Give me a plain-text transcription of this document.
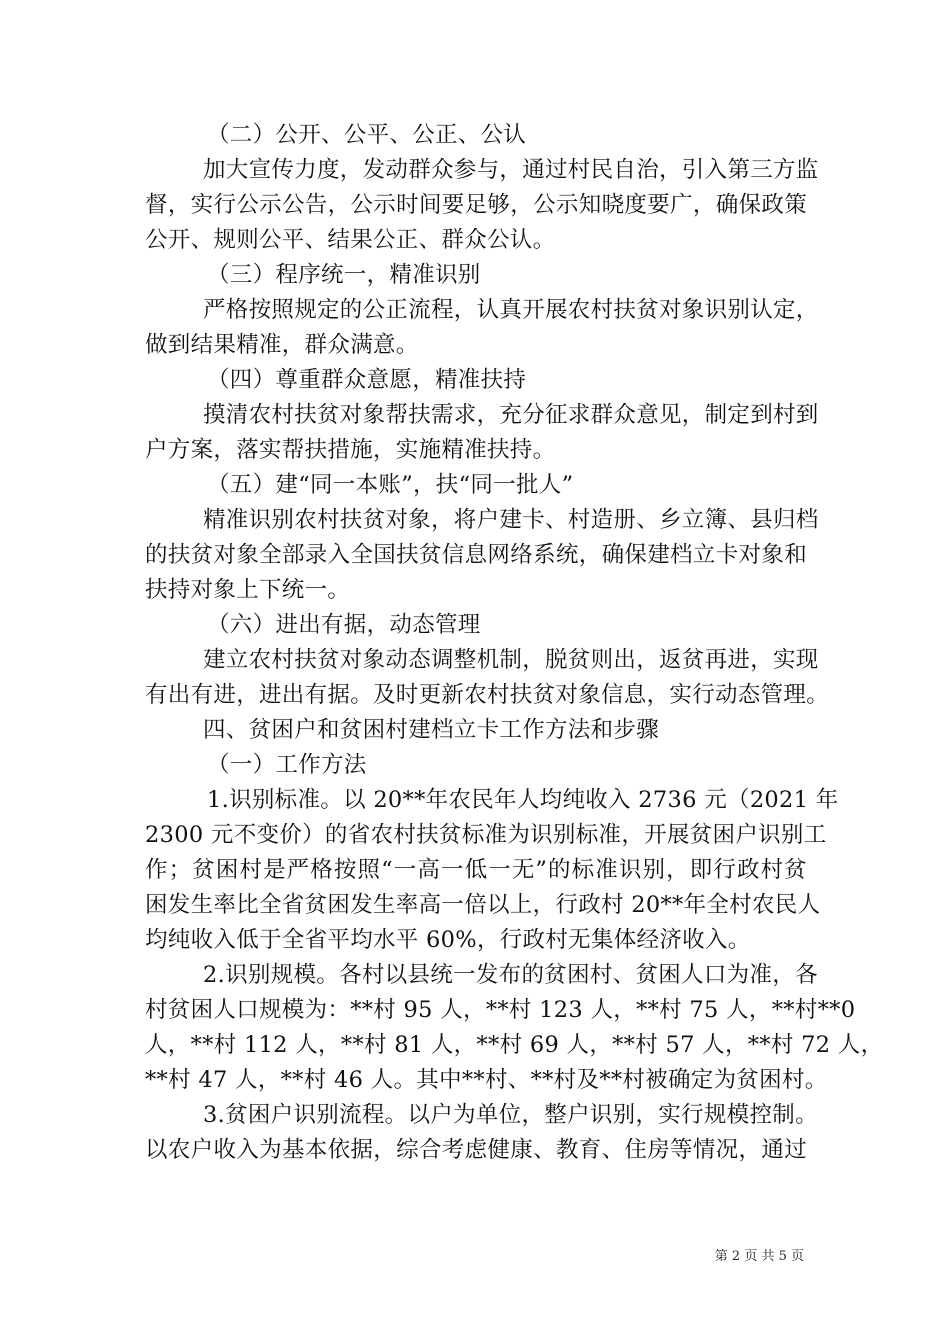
（二）公开、公平、公正、公认
加大宣传力度，发动群众参与，通过村民自治，引入第三方监
督，实行公示公告，公示时间要足够，公示知晓度要广，确保政策
公开、规则公平、结果公正、群众公认。
（三）程序统一，精准识别
严格按照规定的公正流程，认真开展农村扶贫对象识别认定，
做到结果精准，群众满意。
（四）尊重群众意愿，精准扶持
摸清农村扶贫对象帮扶需求，充分征求群众意见，制定到村到
户方案，落实帮扶措施，实施精准扶持。
（五）建“同一本账”，扶“同一批人”
精准识别农村扶贫对象，将户建卡、村造册、乡立簿、县归档
的扶贫对象全部录入全国扶贫信息网络系统，确保建档立卡对象和
扶持对象上下统一。
（六）进出有据，动态管理
建立农村扶贫对象动态调整机制，脱贫则出，返贫再进，实现
有出有进，进出有据。及时更新农村扶贫对象信息，实行动态管理。
四、贫困户和贫困村建档立卡工作方法和步骤
（一）工作方法
1.识别标准。以 20**年农民年人均纯收入 2736 元（2021 年
2300 元不变价）的省农村扶贫标准为识别标准，开展贫困户识别工
作；贫困村是严格按照“一高一低一无”的标准识别，即行政村贫
困发生率比全省贫困发生率高一倍以上，行政村 20**年全村农民人
均纯收入低于全省平均水平 60%，行政村无集体经济收入。
2.识别规模。各村以县统一发布的贫困村、贫困人口为准，各
村贫困人口规模为：**村 95 人，**村 123 人，**村 75 人，**村**0
人，**村 112 人，**村 81 人，**村 69 人，**村 57 人，**村 72 人，
**村 47 人，**村 46 人。其中**村、**村及**村被确定为贫困村。
3.贫困户识别流程。以户为单位，整户识别，实行规模控制。
以农户收入为基本依据，综合考虑健康、教育、住房等情况，通过
第 2 页 共 5 页
